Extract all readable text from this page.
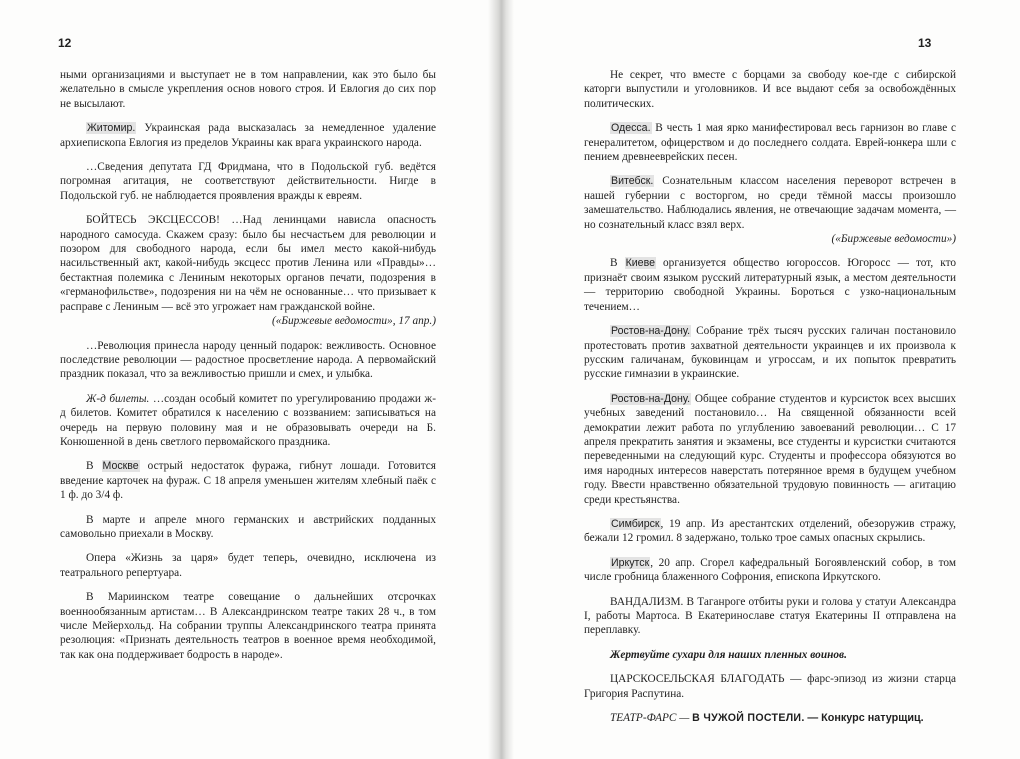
12	13

ными организациями и выступает не в том направлении, как это было бы желательно в смысле укрепления основ нового строя. И Евлогия до сих пор не высылают.

Житомир. Украинская рада высказалась за немедленное удаление архиепископа Евлогия из пределов Украины как врага украинского народа.

…Сведения депутата ГД Фридмана, что в Подольской губ. ведётся погромная агитация, не соответствуют действительности. Нигде в Подольской губ. не наблюдается проявления вражды к евреям.

БОЙТЕСЬ ЭКСЦЕССОВ! …Над ленинцами нависла опасность народного самосуда. Скажем сразу: было бы несчастьем для революции и позором для свободного народа, если бы имел место какой-нибудь насильственный акт, какой-нибудь эксцесс против Ленина или «Правды»… бестактная полемика с Лениным некоторых органов печати, подозрения в «германофильстве», подозрения ни на чём не основанные… что призывает к расправе с Лениным — всё это угрожает нам гражданской войне.

(«Биржевые ведомости», 17 апр.)

…Революция принесла народу ценный подарок: вежливость. Основное последствие революции — радостное просветление народа. А первомайский праздник показал, что за вежливостью пришли и смех, и улыбка.

Ж-д билеты. …создан особый комитет по урегулированию продажи ж-д билетов. Комитет обратился к населению с воззванием: записываться на очередь на первую половину мая и не образовывать очереди на Б. Конюшенной в день светлого первомайского праздника.

В Москве острый недостаток фуража, гибнут лошади. Готовится введение карточек на фураж. С 18 апреля уменьшен жителям хлебный паёк с 1 ф. до 3/4 ф.

В марте и апреле много германских и австрийских подданных самовольно приехали в Москву.

Опера «Жизнь за царя» будет теперь, очевидно, исключена из театрального репертуара.

В Мариинском театре совещание о дальнейших отсрочках военнообязанным артистам… В Александринском театре таких 28 ч., в том числе Мейерхольд. На собрании труппы Александринского театра принята резолюция: «Признать деятельность театров в военное время необходимой, так как она поддерживает бодрость в народе».

Не секрет, что вместе с борцами за свободу кое-где с сибирской каторги выпустили и уголовников. И все выдают себя за освобождённых политических.

Одесса. В честь 1 мая ярко манифестировал весь гарнизон во главе с генералитетом, офицерством и до последнего солдата. Еврей-юнкера шли с пением древнееврейских песен.

Витебск. Сознательным классом населения переворот встречен в нашей губернии с восторгом, но среди тёмной массы произошло замешательство. Наблюдались явления, не отвечающие задачам момента, — но сознательный класс взял верх.

(«Биржевые ведомости»)

В Киеве организуется общество югороссов. Югоросс — тот, кто признаёт своим языком русский литературный язык, а местом деятельности — территорию свободной Украины. Бороться с узко-национальным течением…

Ростов-на-Дону. Собрание трёх тысяч русских галичан постановило протестовать против захватной деятельности украинцев и их произвола к русским галичанам, буковинцам и угроссам, и их попыток превратить русские гимназии в украинские.

Ростов-на-Дону. Общее собрание студентов и курсисток всех высших учебных заведений постановило… На священной обязанности всей демократии лежит работа по углублению завоеваний революции… С 17 апреля прекратить занятия и экзамены, все студенты и курсистки считаются переведенными на следующий курс. Студенты и профессора обязуются во имя народных интересов наверстать потерянное время в будущем учебном году. Ввести нравственно обязательной трудовую повинность — агитацию среди крестьянства.

Симбирск, 19 апр. Из арестантских отделений, обезоружив стражу, бежали 12 громил. 8 задержано, только трое самых опасных скрылись.

Иркутск, 20 апр. Сгорел кафедральный Богоявленский собор, в том числе гробница блаженного Софрония, епископа Иркутского.

ВАНДАЛИЗМ. В Таганроге отбиты руки и голова у статуи Александра I, работы Мартоса. В Екатеринославе статуя Екатерины II отправлена на переплавку.

Жертвуйте сухари для наших пленных воинов.

ЦАРСКОСЕЛЬСКАЯ БЛАГОДАТЬ — фарс-эпизод из жизни старца Григория Распутина.

ТЕАТР-ФАРС — В ЧУЖОЙ ПОСТЕЛИ. — Конкурс натурщиц.
